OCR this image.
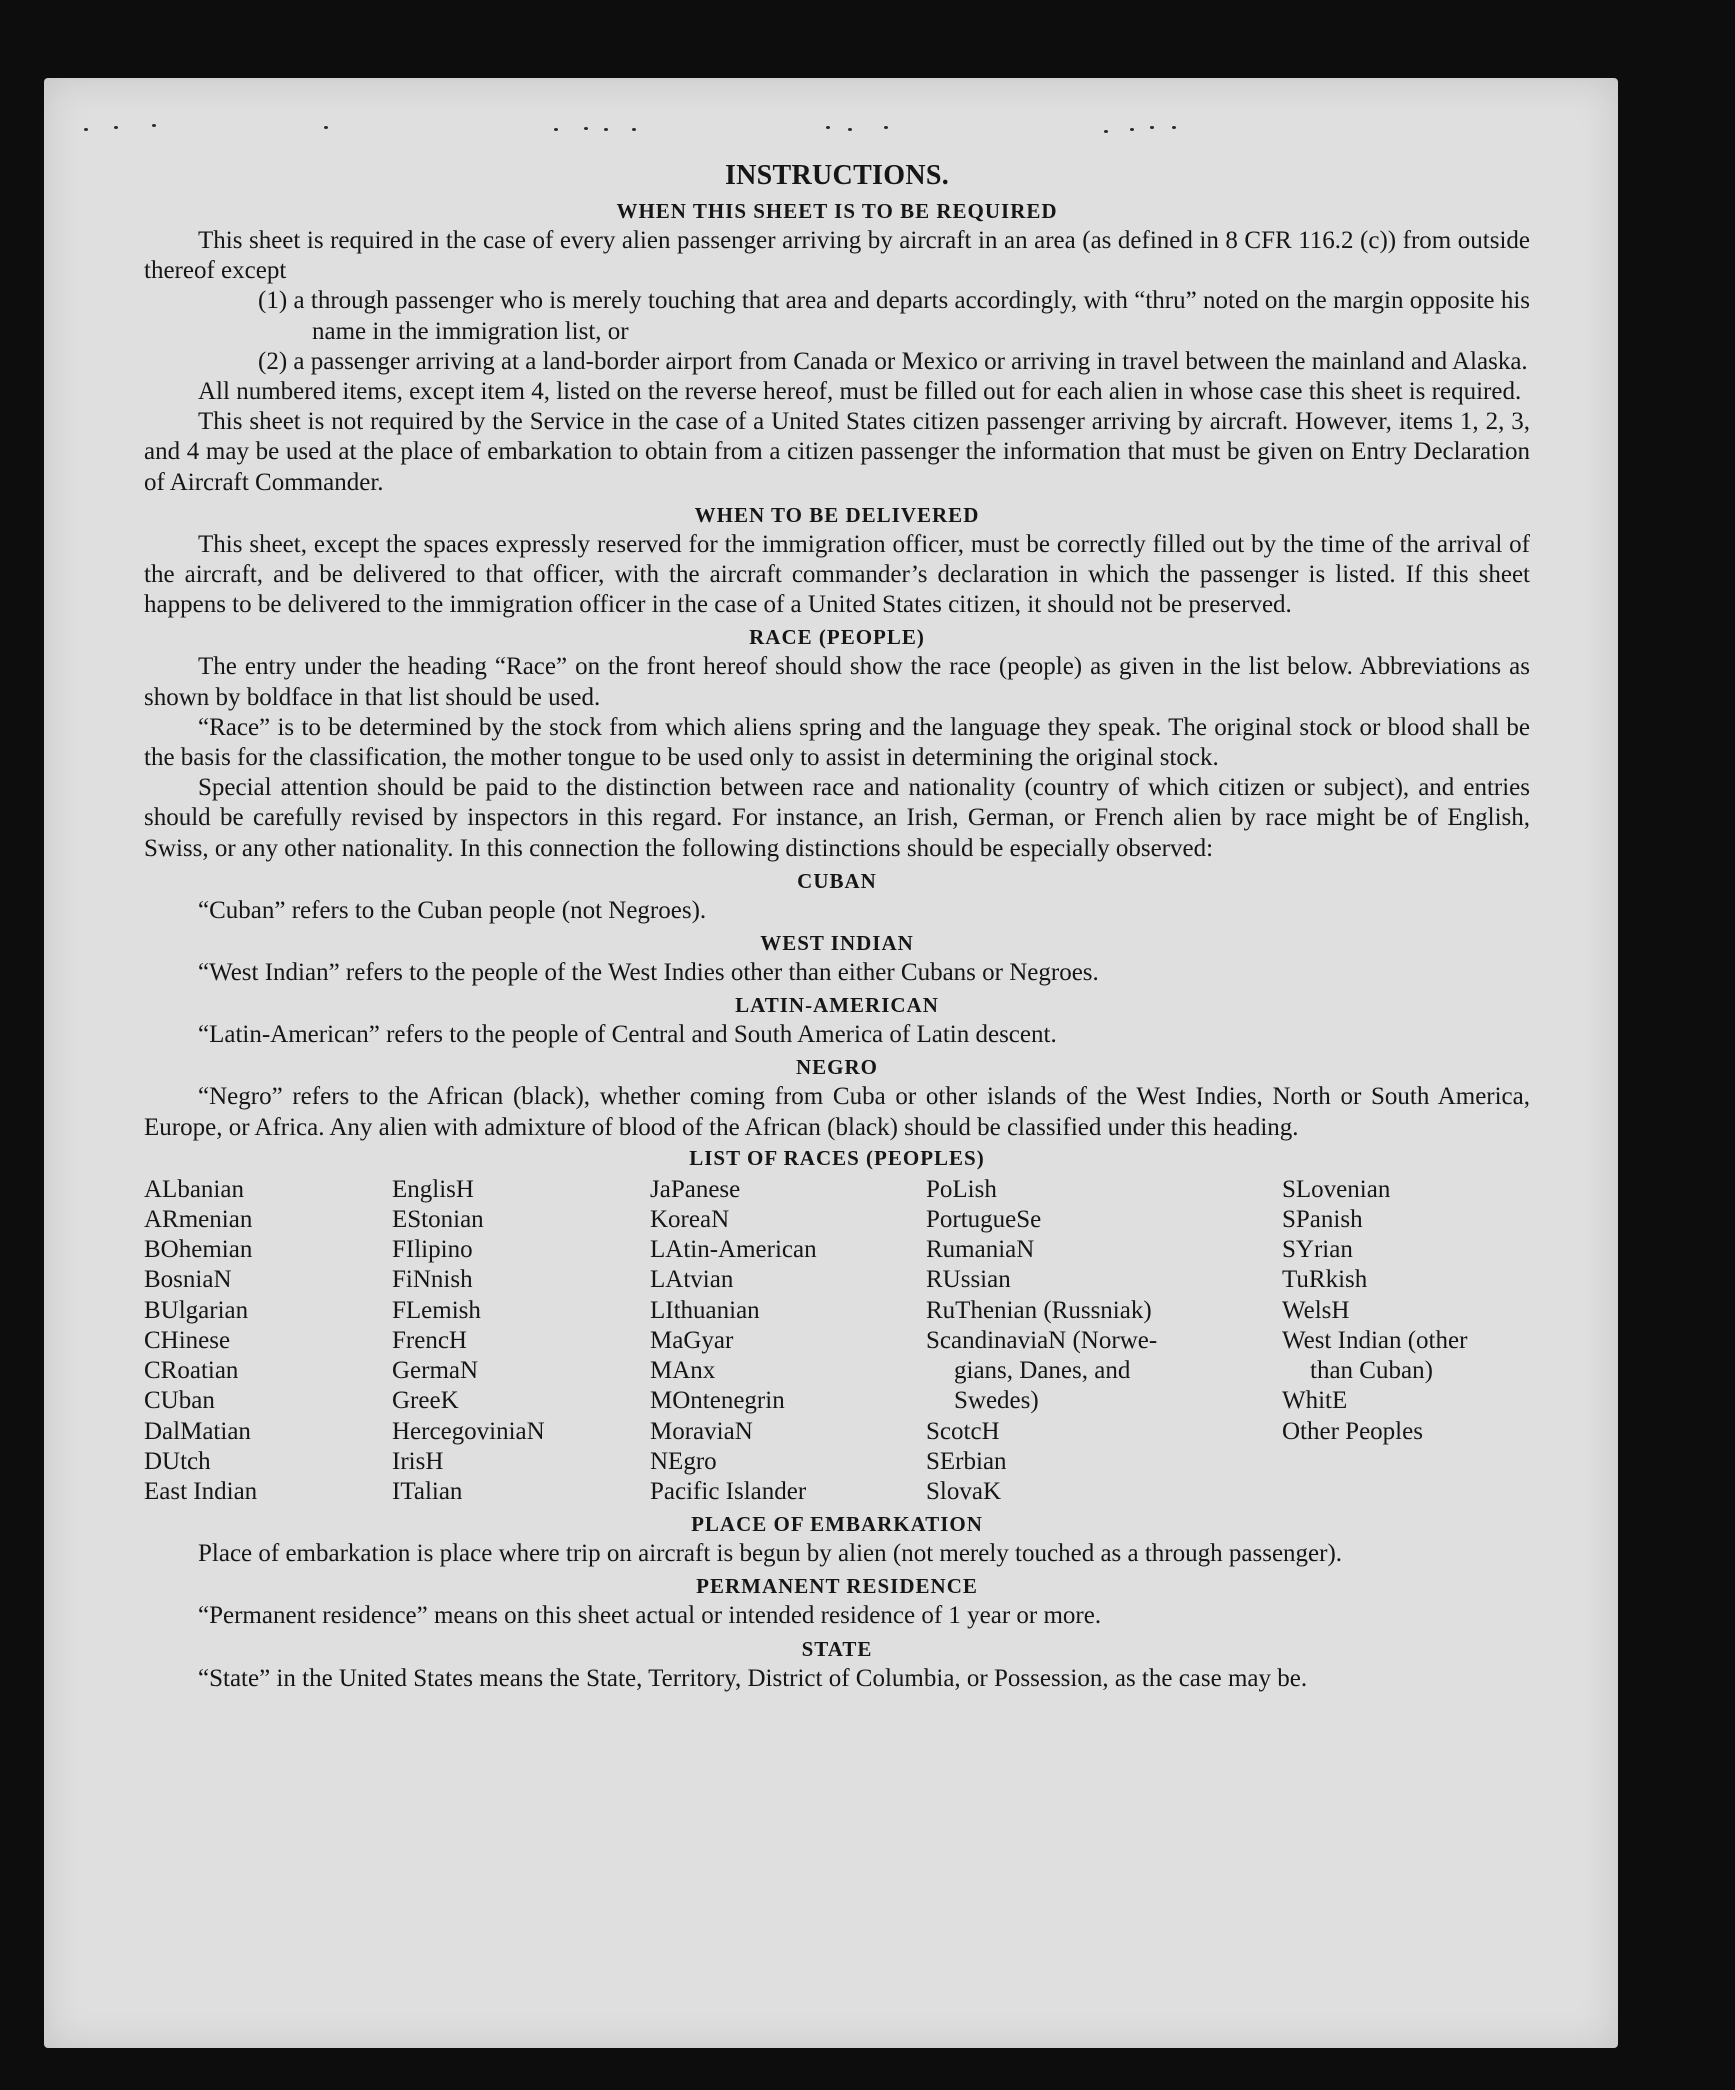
INSTRUCTIONS.
WHEN THIS SHEET IS TO BE REQUIRED

This sheet is required in the case of every alien passenger arriving by aircraft in an area (as defined in 8 CFR 116.2 (c)) from outside thereof except

(1) a through passenger who is merely touching that area and departs accordingly, with “thru” noted on the margin opposite his name in the immigration list, or

(2) a passenger arriving at a land-border airport from Canada or Mexico or arriving in travel between the mainland and Alaska.

All numbered items, except item 4, listed on the reverse hereof, must be filled out for each alien in whose case this sheet is required.

This sheet is not required by the Service in the case of a United States citizen passenger arriving by aircraft. However, items 1, 2, 3, and 4 may be used at the place of embarkation to obtain from a citizen passenger the information that must be given on Entry Declaration of Aircraft Commander.

WHEN TO BE DELIVERED

This sheet, except the spaces expressly reserved for the immigration officer, must be correctly filled out by the time of the arrival of the aircraft, and be delivered to that officer, with the aircraft commander’s declaration in which the passenger is listed. If this sheet happens to be delivered to the immigration officer in the case of a United States citizen, it should not be preserved.

RACE (PEOPLE)

The entry under the heading “Race” on the front hereof should show the race (people) as given in the list below. Abbreviations as shown by boldface in that list should be used.

“Race” is to be determined by the stock from which aliens spring and the language they speak. The original stock or blood shall be the basis for the classification, the mother tongue to be used only to assist in determining the original stock.

Special attention should be paid to the distinction between race and nationality (country of which citizen or subject), and entries should be carefully revised by inspectors in this regard. For instance, an Irish, German, or French alien by race might be of English, Swiss, or any other nationality. In this connection the following distinctions should be especially observed:

CUBAN

“Cuban” refers to the Cuban people (not Negroes).

WEST INDIAN

“West Indian” refers to the people of the West Indies other than either Cubans or Negroes.

LATIN-AMERICAN

“Latin-American” refers to the people of Central and South America of Latin descent.

NEGRO

“Negro” refers to the African (black), whether coming from Cuba or other islands of the West Indies, North or South America, Europe, or Africa. Any alien with admixture of blood of the African (black) should be classified under this heading.

LIST OF RACES (PEOPLES)
ALbanian
ARmenian
BOhemian
BosniaN
BUlgarian
CHinese
CRoatian
CUban
DalMatian
DUtch
East Indian
EnglisH
EStonian
FIlipino
FiNnish
FLemish
FrencH
GermaN
GreeK
HercegoviniaN
IrisH
ITalian
JaPanese
KoreaN
LAtin-American
LAtvian
LIthuanian
MaGyar
MAnx
MOntenegrin
MoraviaN
NEgro
Pacific Islander
PoLish
PortugueSe
RumaniaN
RUssian
RuThenian (Russniak)
ScandinaviaN (Norwe-
gians, Danes, and
Swedes)
ScotcH
SErbian
SlovaK
SLovenian
SPanish
SYrian
TuRkish
WelsH
West Indian (other
than Cuban)
WhitE
Other Peoples
PLACE OF EMBARKATION

Place of embarkation is place where trip on aircraft is begun by alien (not merely touched as a through passenger).

PERMANENT RESIDENCE

“Permanent residence” means on this sheet actual or intended residence of 1 year or more.

STATE

“State” in the United States means the State, Territory, District of Columbia, or Possession, as the case may be.
